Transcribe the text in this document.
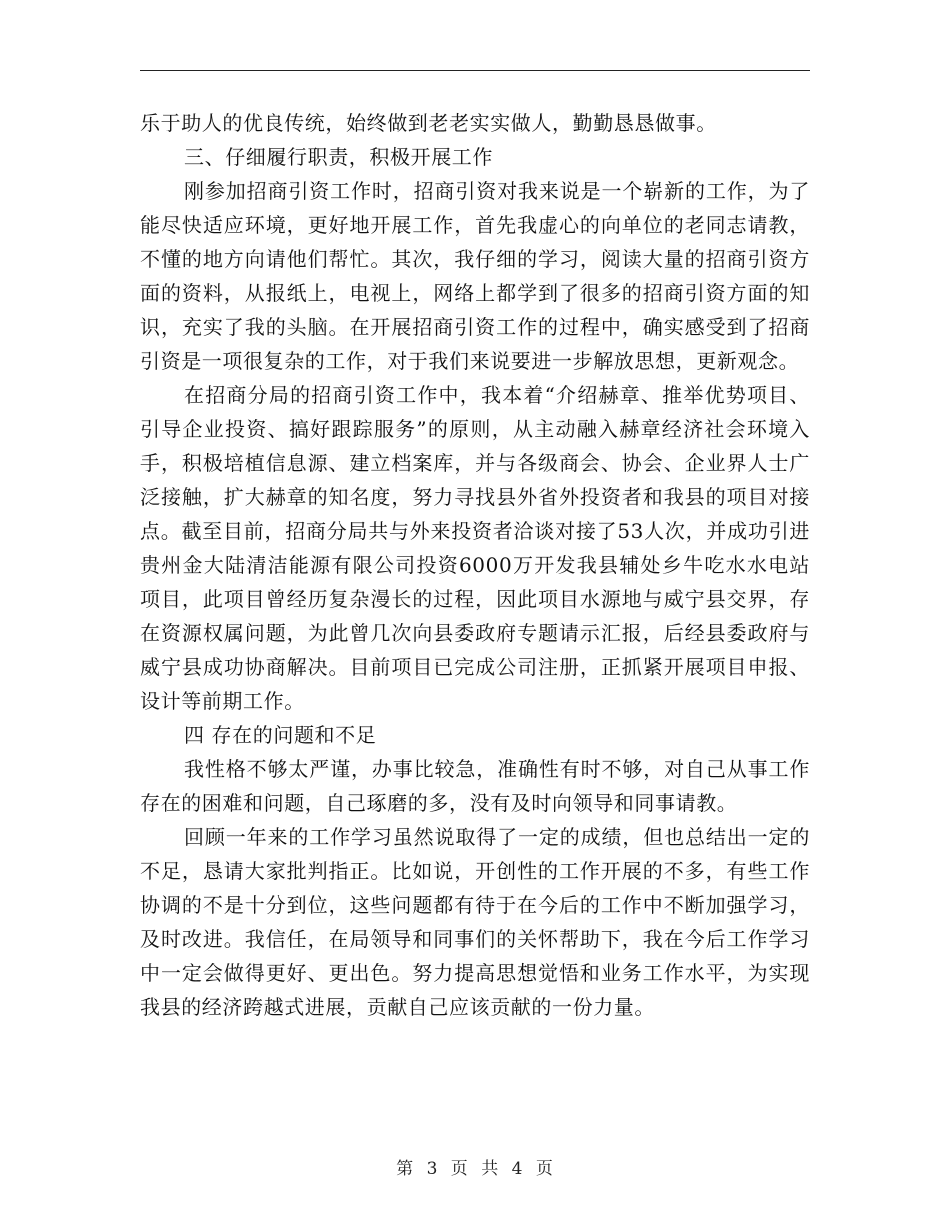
乐于助人的优良传统，始终做到老老实实做人，勤勤恳恳做事。

三、仔细履行职责，积极开展工作

刚参加招商引资工作时，招商引资对我来说是一个崭新的工作，为了能尽快适应环境，更好地开展工作，首先我虚心的向单位的老同志请教，不懂的地方向请他们帮忙。其次，我仔细的学习，阅读大量的招商引资方面的资料，从报纸上，电视上，网络上都学到了很多的招商引资方面的知识，充实了我的头脑。在开展招商引资工作的过程中，确实感受到了招商引资是一项很复杂的工作，对于我们来说要进一步解放思想，更新观念。

在招商分局的招商引资工作中，我本着“介绍赫章、推举优势项目、引导企业投资、搞好跟踪服务”的原则，从主动融入赫章经济社会环境入手，积极培植信息源、建立档案库，并与各级商会、协会、企业界人士广泛接触，扩大赫章的知名度，努力寻找县外省外投资者和我县的项目对接点。截至目前，招商分局共与外来投资者洽谈对接了53人次，并成功引进贵州金大陆清洁能源有限公司投资6000万开发我县辅处乡牛吃水水电站项目，此项目曾经历复杂漫长的过程，因此项目水源地与威宁县交界，存在资源权属问题，为此曾几次向县委政府专题请示汇报，后经县委政府与威宁县成功协商解决。目前项目已完成公司注册，正抓紧开展项目申报、设计等前期工作。

四 存在的问题和不足

我性格不够太严谨，办事比较急，准确性有时不够，对自己从事工作存在的困难和问题，自己琢磨的多，没有及时向领导和同事请教。

回顾一年来的工作学习虽然说取得了一定的成绩，但也总结出一定的不足，恳请大家批判指正。比如说，开创性的工作开展的不多，有些工作协调的不是十分到位，这些问题都有待于在今后的工作中不断加强学习，及时改进。我信任，在局领导和同事们的关怀帮助下，我在今后工作学习中一定会做得更好、更出色。努力提高思想觉悟和业务工作水平，为实现我县的经济跨越式进展，贡献自己应该贡献的一份力量。

第 3 页 共 4 页
